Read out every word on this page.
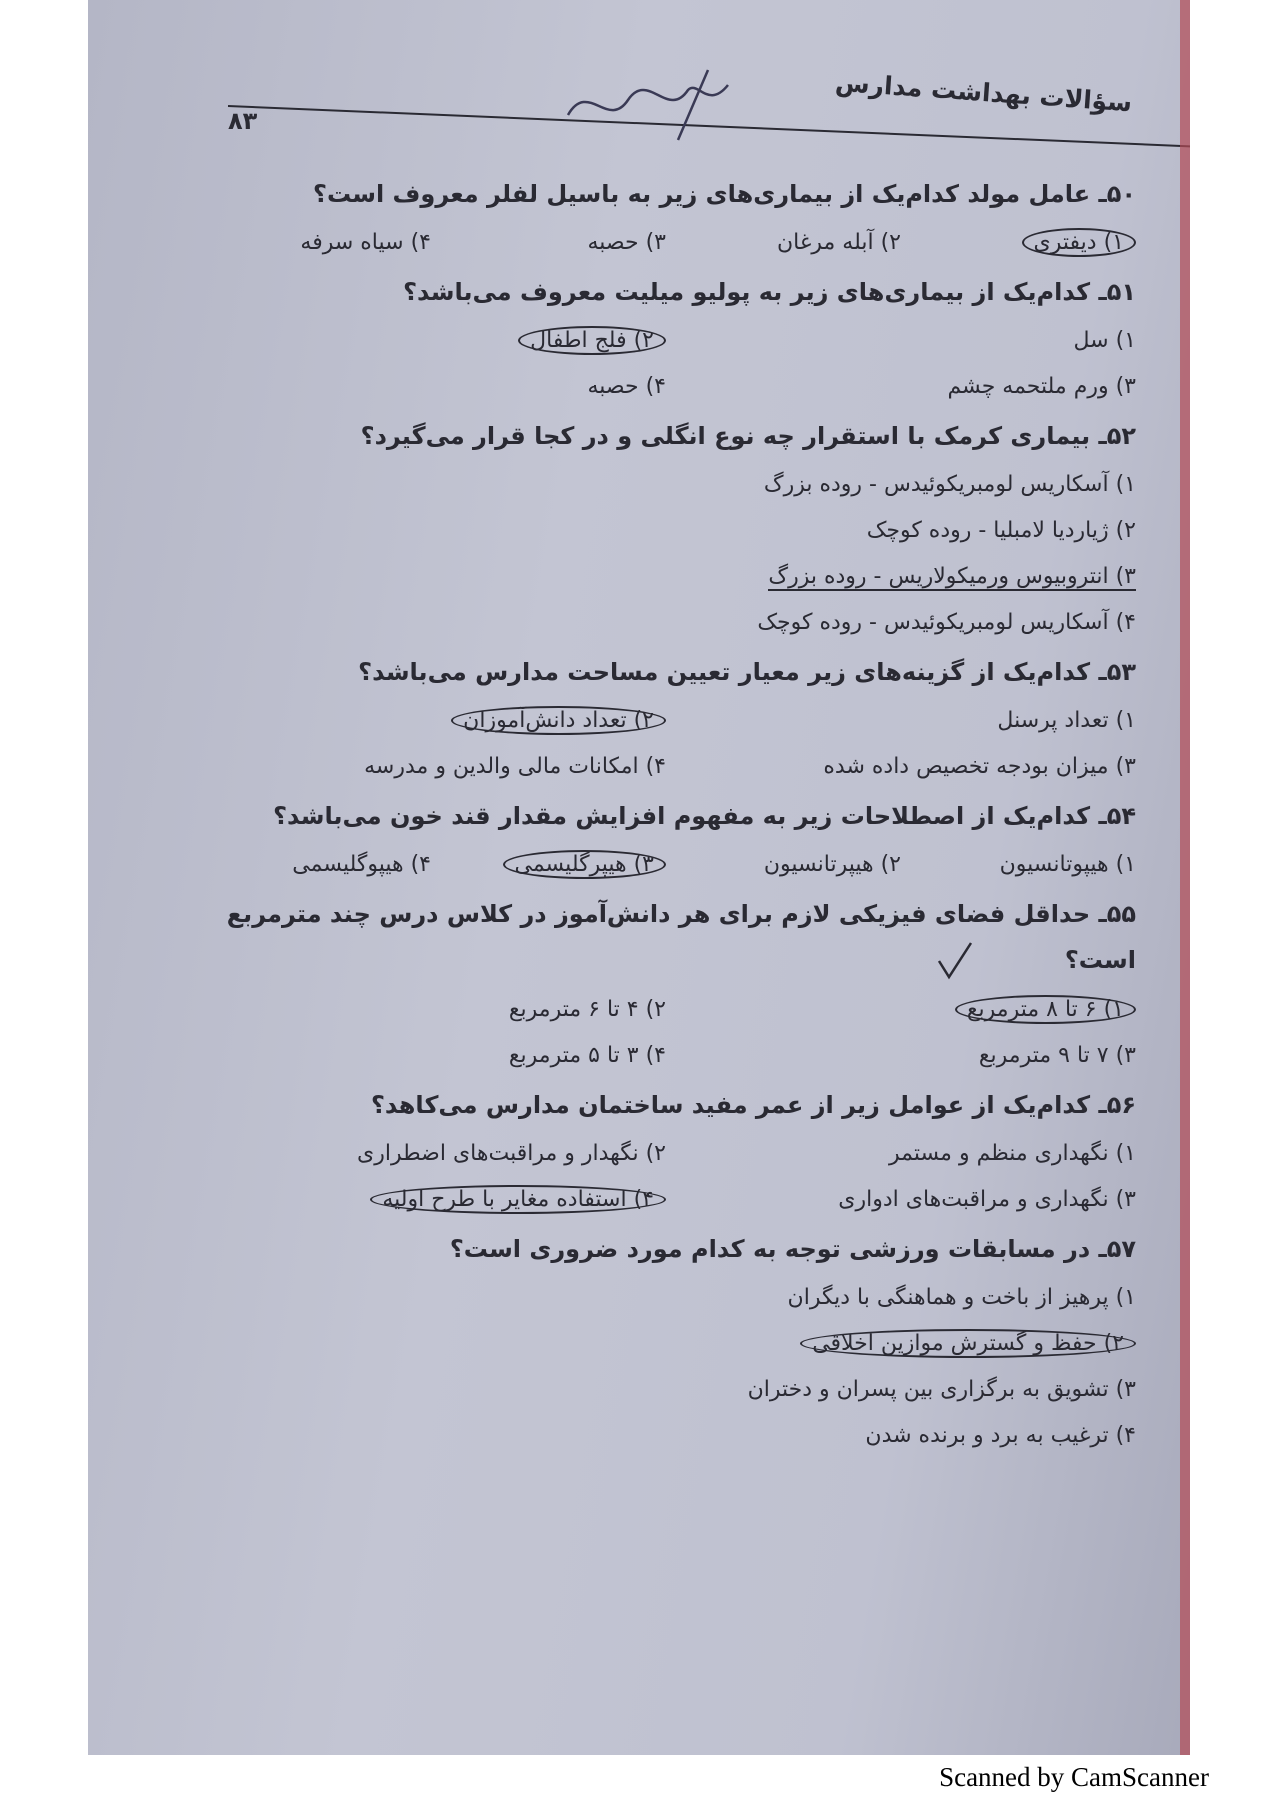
سؤالات بهداشت مدارس
۸۳
۵۰ـ عامل مولد کدام‌یک از بیماری‌های زیر به باسیل لفلر معروف است؟
۱) دیفتری
۲) آبله مرغان
۳) حصبه
۴) سیاه سرفه
۵۱ـ کدام‌یک از بیماری‌های زیر به پولیو میلیت معروف می‌باشد؟
۱) سل
۲) فلج اطفال
۳) ورم ملتحمه چشم
۴) حصبه
۵۲ـ بیماری کرمک با استقرار چه نوع انگلی و در کجا قرار می‌گیرد؟
۱) آسکاریس لومبریکوئیدس - روده بزرگ
۲) ژیاردیا لامبلیا - روده کوچک
۳) انتروبیوس ورمیکولاریس - روده بزرگ
۴) آسکاریس لومبریکوئیدس - روده کوچک
۵۳ـ کدام‌یک از گزینه‌های زیر معیار تعیین مساحت مدارس می‌باشد؟
۱) تعداد پرسنل
۲) تعداد دانش‌آموزان
۳) میزان بودجه تخصیص داده شده
۴) امکانات مالی والدین و مدرسه
۵۴ـ کدام‌یک از اصطلاحات زیر به مفهوم افزایش مقدار قند خون می‌باشد؟
۱) هیپوتانسیون
۲) هیپرتانسیون
۳) هیپرگلیسمی
۴) هیپوگلیسمی
۵۵ـ حداقل فضای فیزیکی لازم برای هر دانش‌آموز در کلاس درس چند مترمربع
است؟
۱) ۶ تا ۸ مترمربع
۲) ۴ تا ۶ مترمربع
۳) ۷ تا ۹ مترمربع
۴) ۳ تا ۵ مترمربع
۵۶ـ کدام‌یک از عوامل زیر از عمر مفید ساختمان مدارس می‌کاهد؟
۱) نگهداری منظم و مستمر
۲) نگهدار و مراقبت‌های اضطراری
۳) نگهداری و مراقبت‌های ادواری
۴) استفاده مغایر با طرح اولیه
۵۷ـ در مسابقات ورزشی توجه به کدام مورد ضروری است؟
۱) پرهیز از باخت و هماهنگی با دیگران
۲) حفظ و گسترش موازین اخلاقی
۳) تشویق به برگزاری بین پسران و دختران
۴) ترغیب به برد و برنده شدن
Scanned by CamScanner
